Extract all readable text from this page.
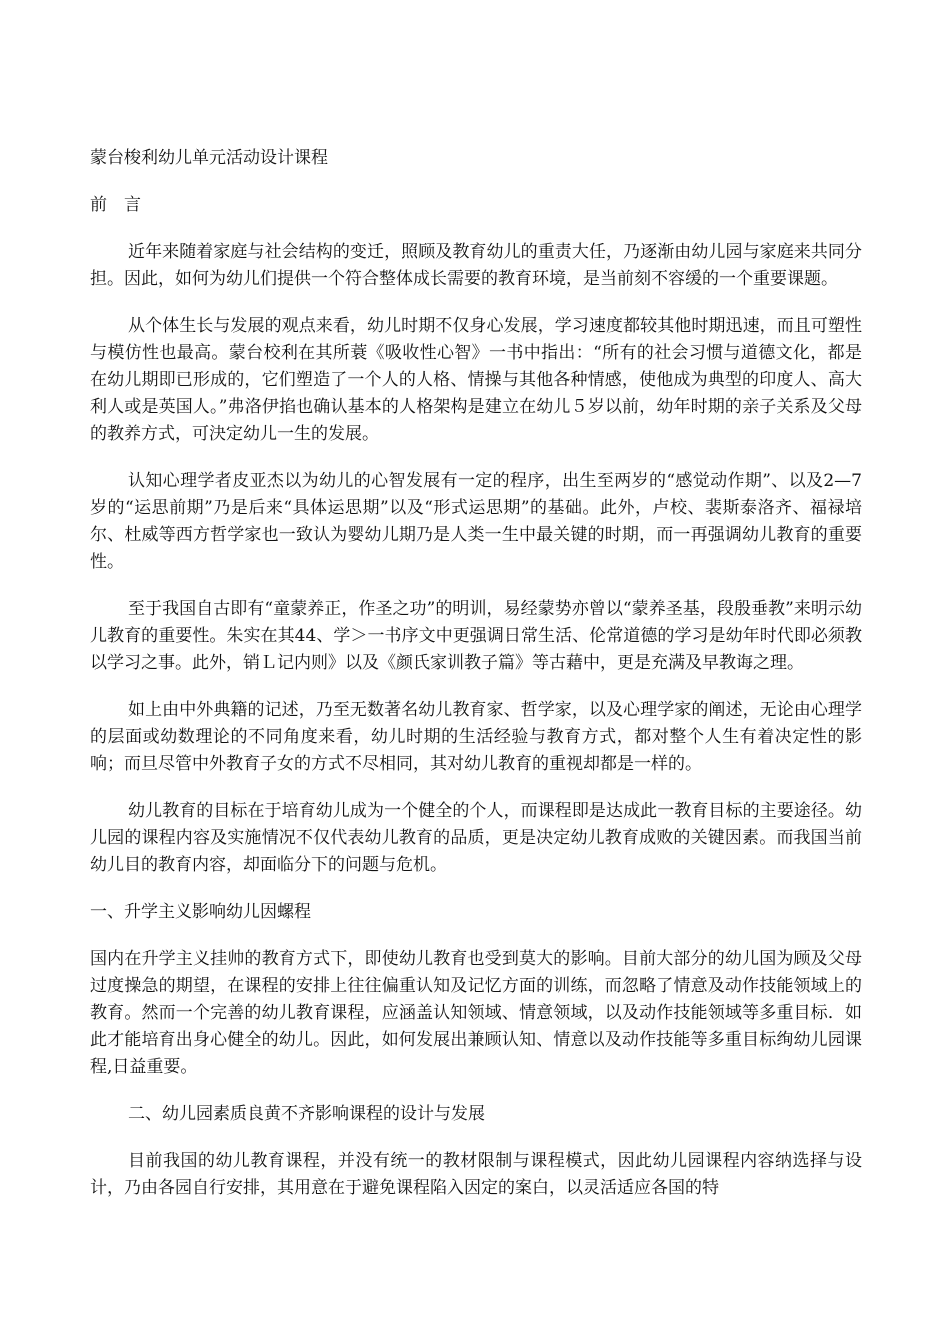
蒙台梭利幼儿单元活动设计课程

前　言

近年来随着家庭与社会结构的变迁，照顾及教育幼儿的重责大任，乃逐渐由幼儿园与家庭来共同分担。因此，如何为幼儿们提供一个符合整体成长需要的教育环境，是当前刻不容缓的一个重要课题。

从个体生长与发展的观点来看，幼儿时期不仅身心发展，学习速度都较其他时期迅速，而且可塑性与模仿性也最高。蒙台校利在其所蓑《吸收性心智》一书中指出：“所有的社会习惯与道德文化，都是在幼儿期即已形成的，它们塑造了一个人的人格、情操与其他各种情感，使他成为典型的印度人、高大利人或是英国人。”弗洛伊掐也确认基本的人格架构是建立在幼儿５岁以前，幼年时期的亲子关系及父母的教养方式，可決定幼儿一生的发展。

认知心理学者皮亚杰以为幼儿的心智发展有一定的程序，出生至两岁的“感觉动作期”、以及2—7岁的“运思前期”乃是后来“具体运思期”以及“形式运思期”的基础。此外，卢校、裴斯泰洛齐、福禄培尔、杜威等西方哲学家也一致认为婴幼儿期乃是人类一生中最关键的时期，而一再强调幼儿教育的重要性。

至于我国自古即有“童蒙养正，作圣之功”的明训，易经蒙势亦曾以“蒙养圣基，段殷垂教”来明示幼儿教育的重要性。朱实在其44、学＞一书序文中更强调日常生活、伦常道德的学习是幼年时代即必须教以学习之事。此外，销Ｌ记内则》以及《颜氏家训教子篇》等古藉中，更是充满及早教诲之理。

如上由中外典籍的记述，乃至无数著名幼儿教育家、哲学家，以及心理学家的阐述，无论由心理学的层面或幼数理论的不同角度来看，幼儿时期的生活经验与教育方式，都对整个人生有着决定性的影响；而旦尽管中外教育子女的方式不尽相同，其对幼儿教育的重视却都是一样的。

幼儿教育的目标在于培育幼儿成为一个健全的个人，而课程即是达成此一教育目标的主要途径。幼儿园的课程内容及实施情况不仅代表幼儿教育的品质，更是决定幼儿教育成败的关键因素。而我国当前幼儿目的教育内容，却面临分下的问题与危机。

一、升学主义影响幼儿因螺程

国内在升学主义挂帅的教育方式下，即使幼儿教育也受到莫大的影响。目前大部分的幼儿国为顾及父母过度操急的期望，在课程的安排上往往偏重认知及记忆方面的训练，而忽略了情意及动作技能领域上的教育。然而一个完善的幼儿教育课程，应涵盖认知领域、情意领域，以及动作技能领域等多重目标．如此才能培育出身心健全的幼儿。因此，如何发展出兼顾认知、情意以及动作技能等多重目标绚幼儿园课程,日益重要。

二、幼儿园素质良黄不齐影响课程的设计与发展

目前我国的幼儿教育课程，并没有统一的教材限制与课程模式，因此幼儿园课程内容纳选择与设计，乃由各园自行安排，其用意在于避免课程陷入因定的案白，以灵活适应各国的特
